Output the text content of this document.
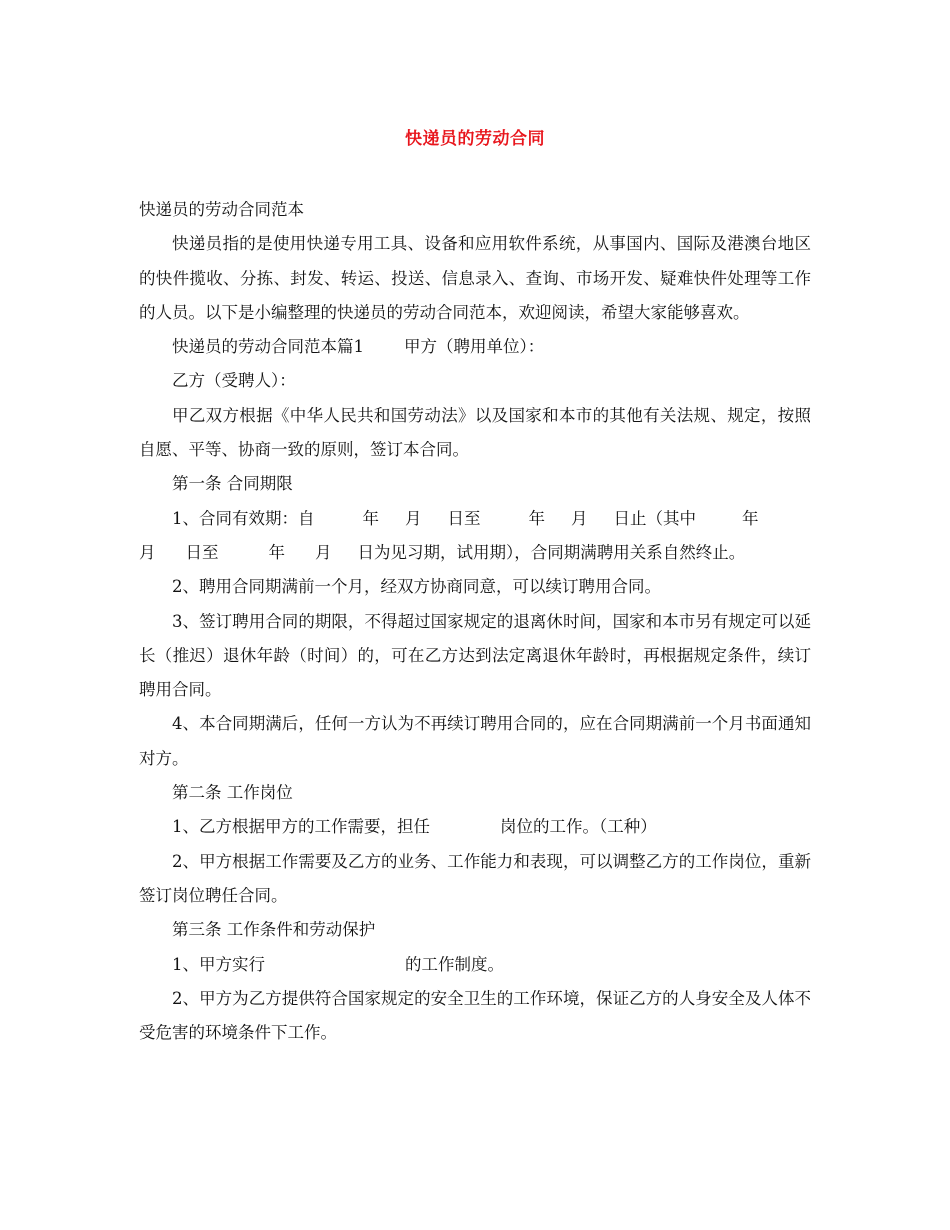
快递员的劳动合同

快递员的劳动合同范本

快递员指的是使用快递专用工具、设备和应用软件系统，从事国内、国际及港澳台地区的快件揽收、分拣、封发、转运、投送、信息录入、查询、市场开发、疑难快件处理等工作的人员。以下是小编整理的快递员的劳动合同范本，欢迎阅读，希望大家能够喜欢。

快递员的劳动合同范本篇1 甲方（聘用单位）：

乙方（受聘人）：

甲乙双方根据《中华人民共和国劳动法》以及国家和本市的其他有关法规、规定，按照自愿、平等、协商一致的原则，签订本合同。

第一条 合同期限

1、合同有效期：自	年 月 日至	年 月 日止（其中	年
月 日至	年 月 日为见习期，试用期），合同期满聘用关系自然终止。

2、聘用合同期满前一个月，经双方协商同意，可以续订聘用合同。

3、签订聘用合同的期限，不得超过国家规定的退离休时间，国家和本市另有规定可以延长（推迟）退休年龄（时间）的，可在乙方达到法定离退休年龄时，再根据规定条件，续订聘用合同。

4、本合同期满后，任何一方认为不再续订聘用合同的，应在合同期满前一个月书面通知对方。

第二条 工作岗位

1、乙方根据甲方的工作需要，担任	岗位的工作。（工种）

2、甲方根据工作需要及乙方的业务、工作能力和表现，可以调整乙方的工作岗位，重新签订岗位聘任合同。

第三条 工作条件和劳动保护

1、甲方实行	的工作制度。

2、甲方为乙方提供符合国家规定的安全卫生的工作环境，保证乙方的人身安全及人体不受危害的环境条件下工作。
